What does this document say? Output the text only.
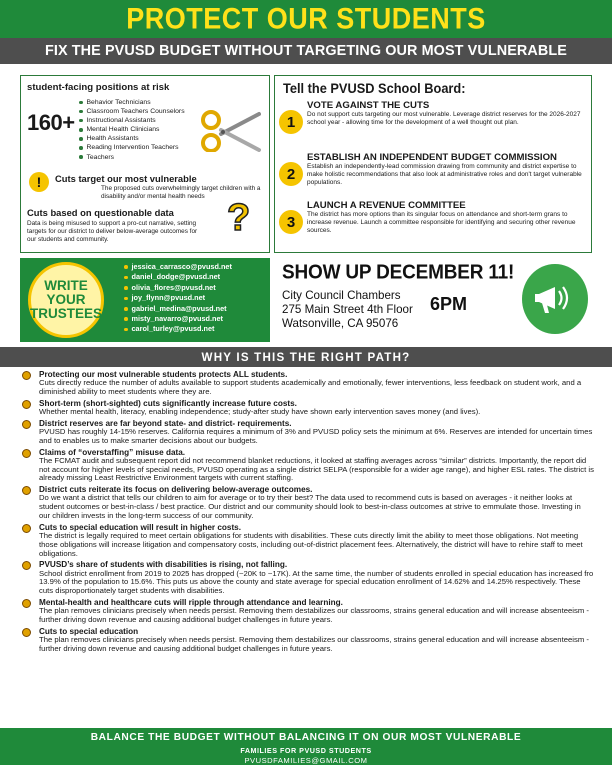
PROTECT OUR STUDENTS
FIX THE PVUSD BUDGET WITHOUT TARGETING OUR MOST VULNERABLE
student-facing positions at risk
160+
Behavior Technicians
Classroom Teachers Counselors
Instructional Assistants
Mental Health Clinicians
Health Assistants
Reading Intervention Teachers
Teachers
!	Cuts target our most vulnerable
The proposed cuts overwhelmingly target children with a disability and/or mental health needs
Cuts based on questionable data
Data is being misused to support a pro-cut narrative, setting targets for our district to deliver below-average outcomes for our students and community.
?
Tell the PVUSD School Board:
1
VOTE AGAINST THE CUTS
Do not support cuts targeting our most vulnerable. Leverage district reserves for the 2026-2027 school year - allowing time for the development of a well thought out plan.
2
ESTABLISH AN INDEPENDENT BUDGET COMMISSION
Establish an independently-lead commission drawing from community and district expertise to make holistic recommendations that also look at administrative roles and don't target vulnerable populations.
3
LAUNCH A REVENUE COMMITTEE
The district has more options than its singular focus on attendance and short-term grans to increase revenue. Launch a committee responsible for identifying and securing other revenue sources.
WRITE
YOUR
TRUSTEES
jessica_carrasco@pvusd.net
daniel_dodge@pvusd.net
olivia_flores@pvusd.net
joy_flynn@pvusd.net
gabriel_medina@pvusd.net
misty_navarro@pvusd.net
carol_turley@pvusd.net
SHOW UP DECEMBER 11!
City Council Chambers
275 Main Street 4th Floor
Watsonville, CA 95076
6PM
WHY IS THIS THE RIGHT PATH?
Protecting our most vulnerable students protects ALL students.
Cuts directly reduce the number of adults available to support students academically and emotionally, fewer interventions, less feedback on student work, and a diminished ability to meet students where they are.
Short-term (short-sighted) cuts significantly increase future costs.
Whether mental health, literacy, enabling independence; study-after study have shown early intervention saves money (and lives).
District reserves are far beyond state- and district- requirements.
PVUSD has roughly 14-15% reserves. California requires a minimum of 3% and PVUSD policy sets the minimum at 6%. Reserves are intended for uncertain times and to enables us to make smarter decisions about our budgets.
Claims of “overstaffing” misuse data.
The FCMAT audit and subsequent report did not recommend blanket reductions, it looked at staffing averages across “similar” districts. Importantly, the report did not account for higher levels of special needs, PVUSD operating as a single district SELPA (responsible for a wider age range), and higher ESL rates. The district is already missing Least Restrictive Environment targets with current staffing.
District cuts reiterate its focus on delivering below-average outcomes.
Do we want a district that tells our children to aim for average or to try their best? The data used to recommend cuts is based on averages - it neither looks at student outcomes or best-in-class / best practice. Our district and our community should look to best-in-class outcomes at strive to emmulate those. Investing in our children invests in the long-term success of our community.
Cuts to special education will result in higher costs.
The district is legally required to meet certain obligations for students with disabilities. These cuts directly limit the ability to meet those obligations. Not meeting those obligations will increase litigation and compensatory costs, including out-of-district placement fees. Alternatively, the district will have to rehire staff to meet obligations.
PVUSD’s share of students with disabilities is rising, not falling.
School district enrollment from 2019 to 2025 has dropped (~20K to ~17K). At the same time, the number of students enrolled in special education has increased fro 13.9% of the population to 15.6%. This puts us above the county and state average for special education enrollment of 14.62% and 14.25% respectively. These cuts disproportionately target students with disabilities.
Mental-health and healthcare cuts will ripple through attendance and learning.
The plan removes clinicians precisely when needs persist. Removing them destabilizes our classrooms, strains general education and will increase absenteeism - further driving down revenue and causing additional budget challenges in future years.
Cuts to special education
The plan removes clinicians precisely when needs persist. Removing them destabilizes our classrooms, strains general education and will increase absenteeism - further driving down revenue and causing additional budget challenges in future years.
BALANCE THE BUDGET WITHOUT BALANCING IT ON OUR MOST VULNERABLE
FAMILIES FOR PVUSD STUDENTS
PVUSDFAMILIES@GMAIL.COM
